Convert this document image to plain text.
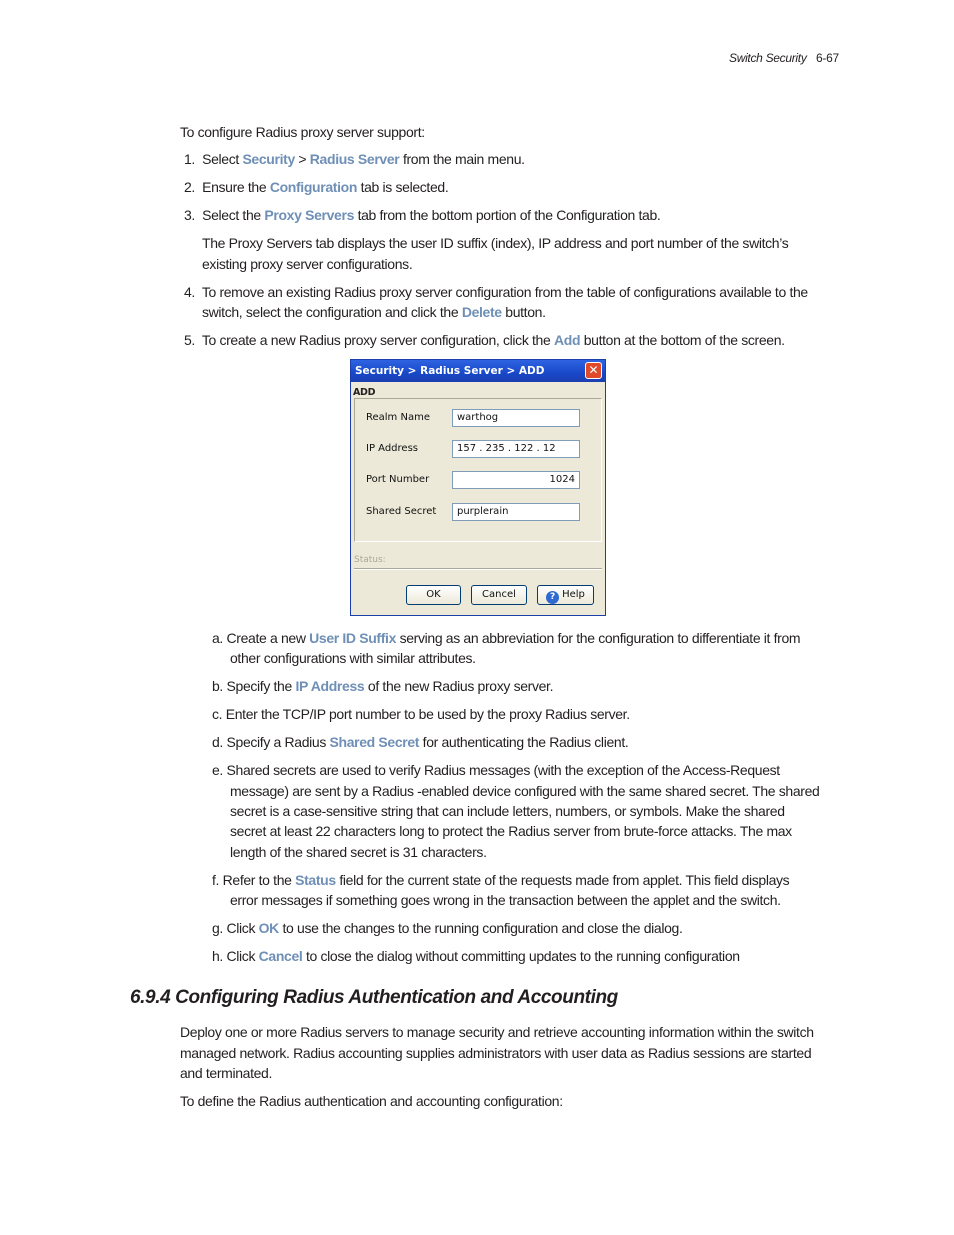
Switch Security 6-67
To configure Radius proxy server support:
1. Select Security > Radius Server from the main menu.
2. Ensure the Configuration tab is selected.
3. Select the Proxy Servers tab from the bottom portion of the Configuration tab.
The Proxy Servers tab displays the user ID suffix (index), IP address and port number of the switch’s
existing proxy server configurations.
4. To remove an existing Radius proxy server configuration from the table of configurations available to the
switch, select the configuration and click the Delete button.
5. To create a new Radius proxy server configuration, click the Add button at the bottom of the screen.
Security > Radius Server > ADD	✕
ADD
Realm Name	warthog
IP Address	157 . 235 . 122 . 12
Port Number	1024
Shared Secret	purplerain
Status:
OK	Cancel	? Help
a. Create a new User ID Suffix serving as an abbreviation for the configuration to differentiate it from
other configurations with similar attributes.
b. Specify the IP Address of the new Radius proxy server.
c. Enter the TCP/IP port number to be used by the proxy Radius server.
d. Specify a Radius Shared Secret for authenticating the Radius client.
e. Shared secrets are used to verify Radius messages (with the exception of the Access-Request
message) are sent by a Radius -enabled device configured with the same shared secret. The shared
secret is a case-sensitive string that can include letters, numbers, or symbols. Make the shared
secret at least 22 characters long to protect the Radius server from brute-force attacks. The max
length of the shared secret is 31 characters.
f. Refer to the Status field for the current state of the requests made from applet. This field displays
error messages if something goes wrong in the transaction between the applet and the switch.
g. Click OK to use the changes to the running configuration and close the dialog.
h. Click Cancel to close the dialog without committing updates to the running configuration
6.9.4 Configuring Radius Authentication and Accounting
Deploy one or more Radius servers to manage security and retrieve accounting information within the switch
managed network. Radius accounting supplies administrators with user data as Radius sessions are started
and terminated.
To define the Radius authentication and accounting configuration:
